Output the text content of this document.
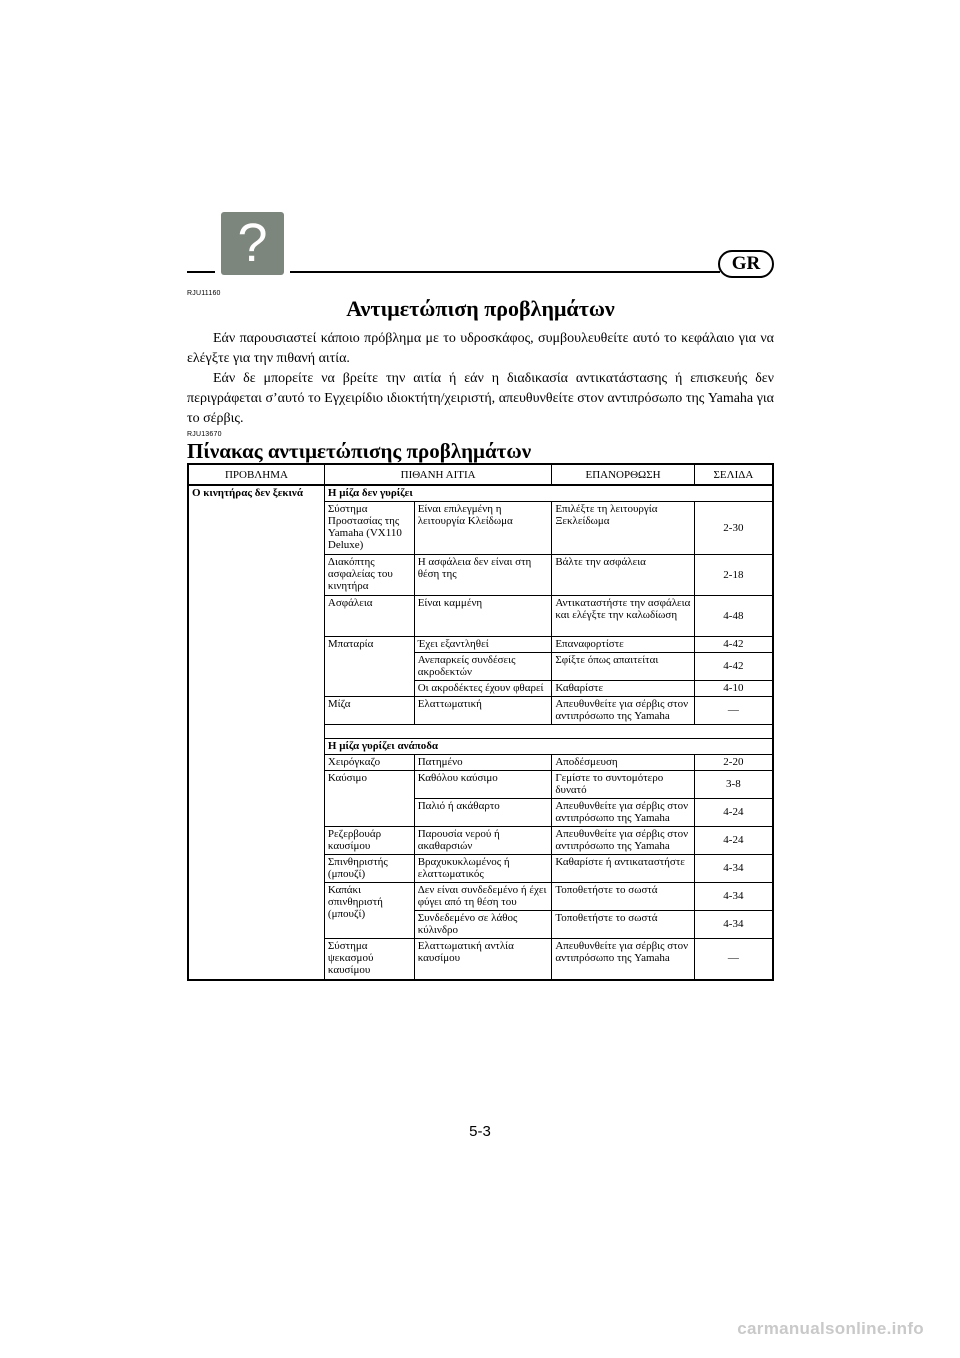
?	GR
RJU11160
Αντιμετώπιση προβλημάτων
Εάν παρουσιαστεί κάποιο πρόβλημα με το υδροσκάφος, συμβουλευθείτε αυτό το κεφάλαιο για να ελέγξτε για την πιθανή αιτία.
Εάν δε μπορείτε να βρείτε την αιτία ή εάν η διαδικασία αντικατάστασης ή επισκευής δεν περιγράφεται σ’αυτό το Εγχειρίδιο ιδιοκτήτη/χειριστή, απευθυνθείτε στον αντιπρόσωπο της Yamaha για το σέρβις.
RJU13670
Πίνακας αντιμετώπισης προβλημάτων
ΠΡΟΒΛΗΜΑ	ΠΙΘΑΝΗ ΑΙΤΙΑ		ΕΠΑΝΟΡΘΩΣΗ	ΣΕΛΙΔΑ
Ο κινητήρας δεν ξεκινά	Η μίζα δεν γυρίζει			
	Σύστημα Προστασίας της Yamaha (VX110 Deluxe)	Είναι επιλεγμένη η λειτουργία Κλείδωμα	Επιλέξτε τη λειτουργία Ξεκλείδωμα	2-30
	Διακόπτης ασφαλείας του κινητήρα	Η ασφάλεια δεν είναι στη θέση της	Βάλτε την ασφάλεια	2-18
	Ασφάλεια	Είναι καμμένη	Αντικαταστήστε την ασφάλεια και ελέγξτε την καλωδίωση	4-48
	Μπαταρία	Έχει εξαντληθεί	Επαναφορτίστε	4-42
		Ανεπαρκείς συνδέσεις ακροδεκτών	Σφίξτε όπως απαιτείται	4-42
		Οι ακροδέκτες έχουν φθαρεί	Καθαρίστε	4-10
	Μίζα	Ελαττωματική	Απευθυνθείτε για σέρβις στον αντιπρόσωπο της Yamaha	—

	Η μίζα γυρίζει ανάποδα			
	Χειρόγκαζο	Πατημένο	Αποδέσμευση	2-20
	Καύσιμο	Καθόλου καύσιμο	Γεμίστε το συντομότερο δυνατό	3-8
		Παλιό ή ακάθαρτο	Απευθυνθείτε για σέρβις στον αντιπρόσωπο της Yamaha	4-24
	Ρεζερβουάρ καυσίμου	Παρουσία νερού ή ακαθαρσιών	Απευθυνθείτε για σέρβις στον αντιπρόσωπο της Yamaha	4-24
	Σπινθηριστής (μπουζί)	Βραχυκυκλωμένος ή ελαττωματικός	Καθαρίστε ή αντικαταστήστε	4-34
	Καπάκι σπινθηριστή (μπουζί)	Δεν είναι συνδεδεμένο ή έχει φύγει από τη θέση του	Τοποθετήστε το σωστά	4-34
		Συνδεδεμένο σε λάθος κύλινδρο	Τοποθετήστε το σωστά	4-34
	Σύστημα ψεκασμού καυσίμου	Ελαττωματική αντλία καυσίμου	Απευθυνθείτε για σέρβις στον αντιπρόσωπο της Yamaha	—
5-3
carmanualsonline.info
